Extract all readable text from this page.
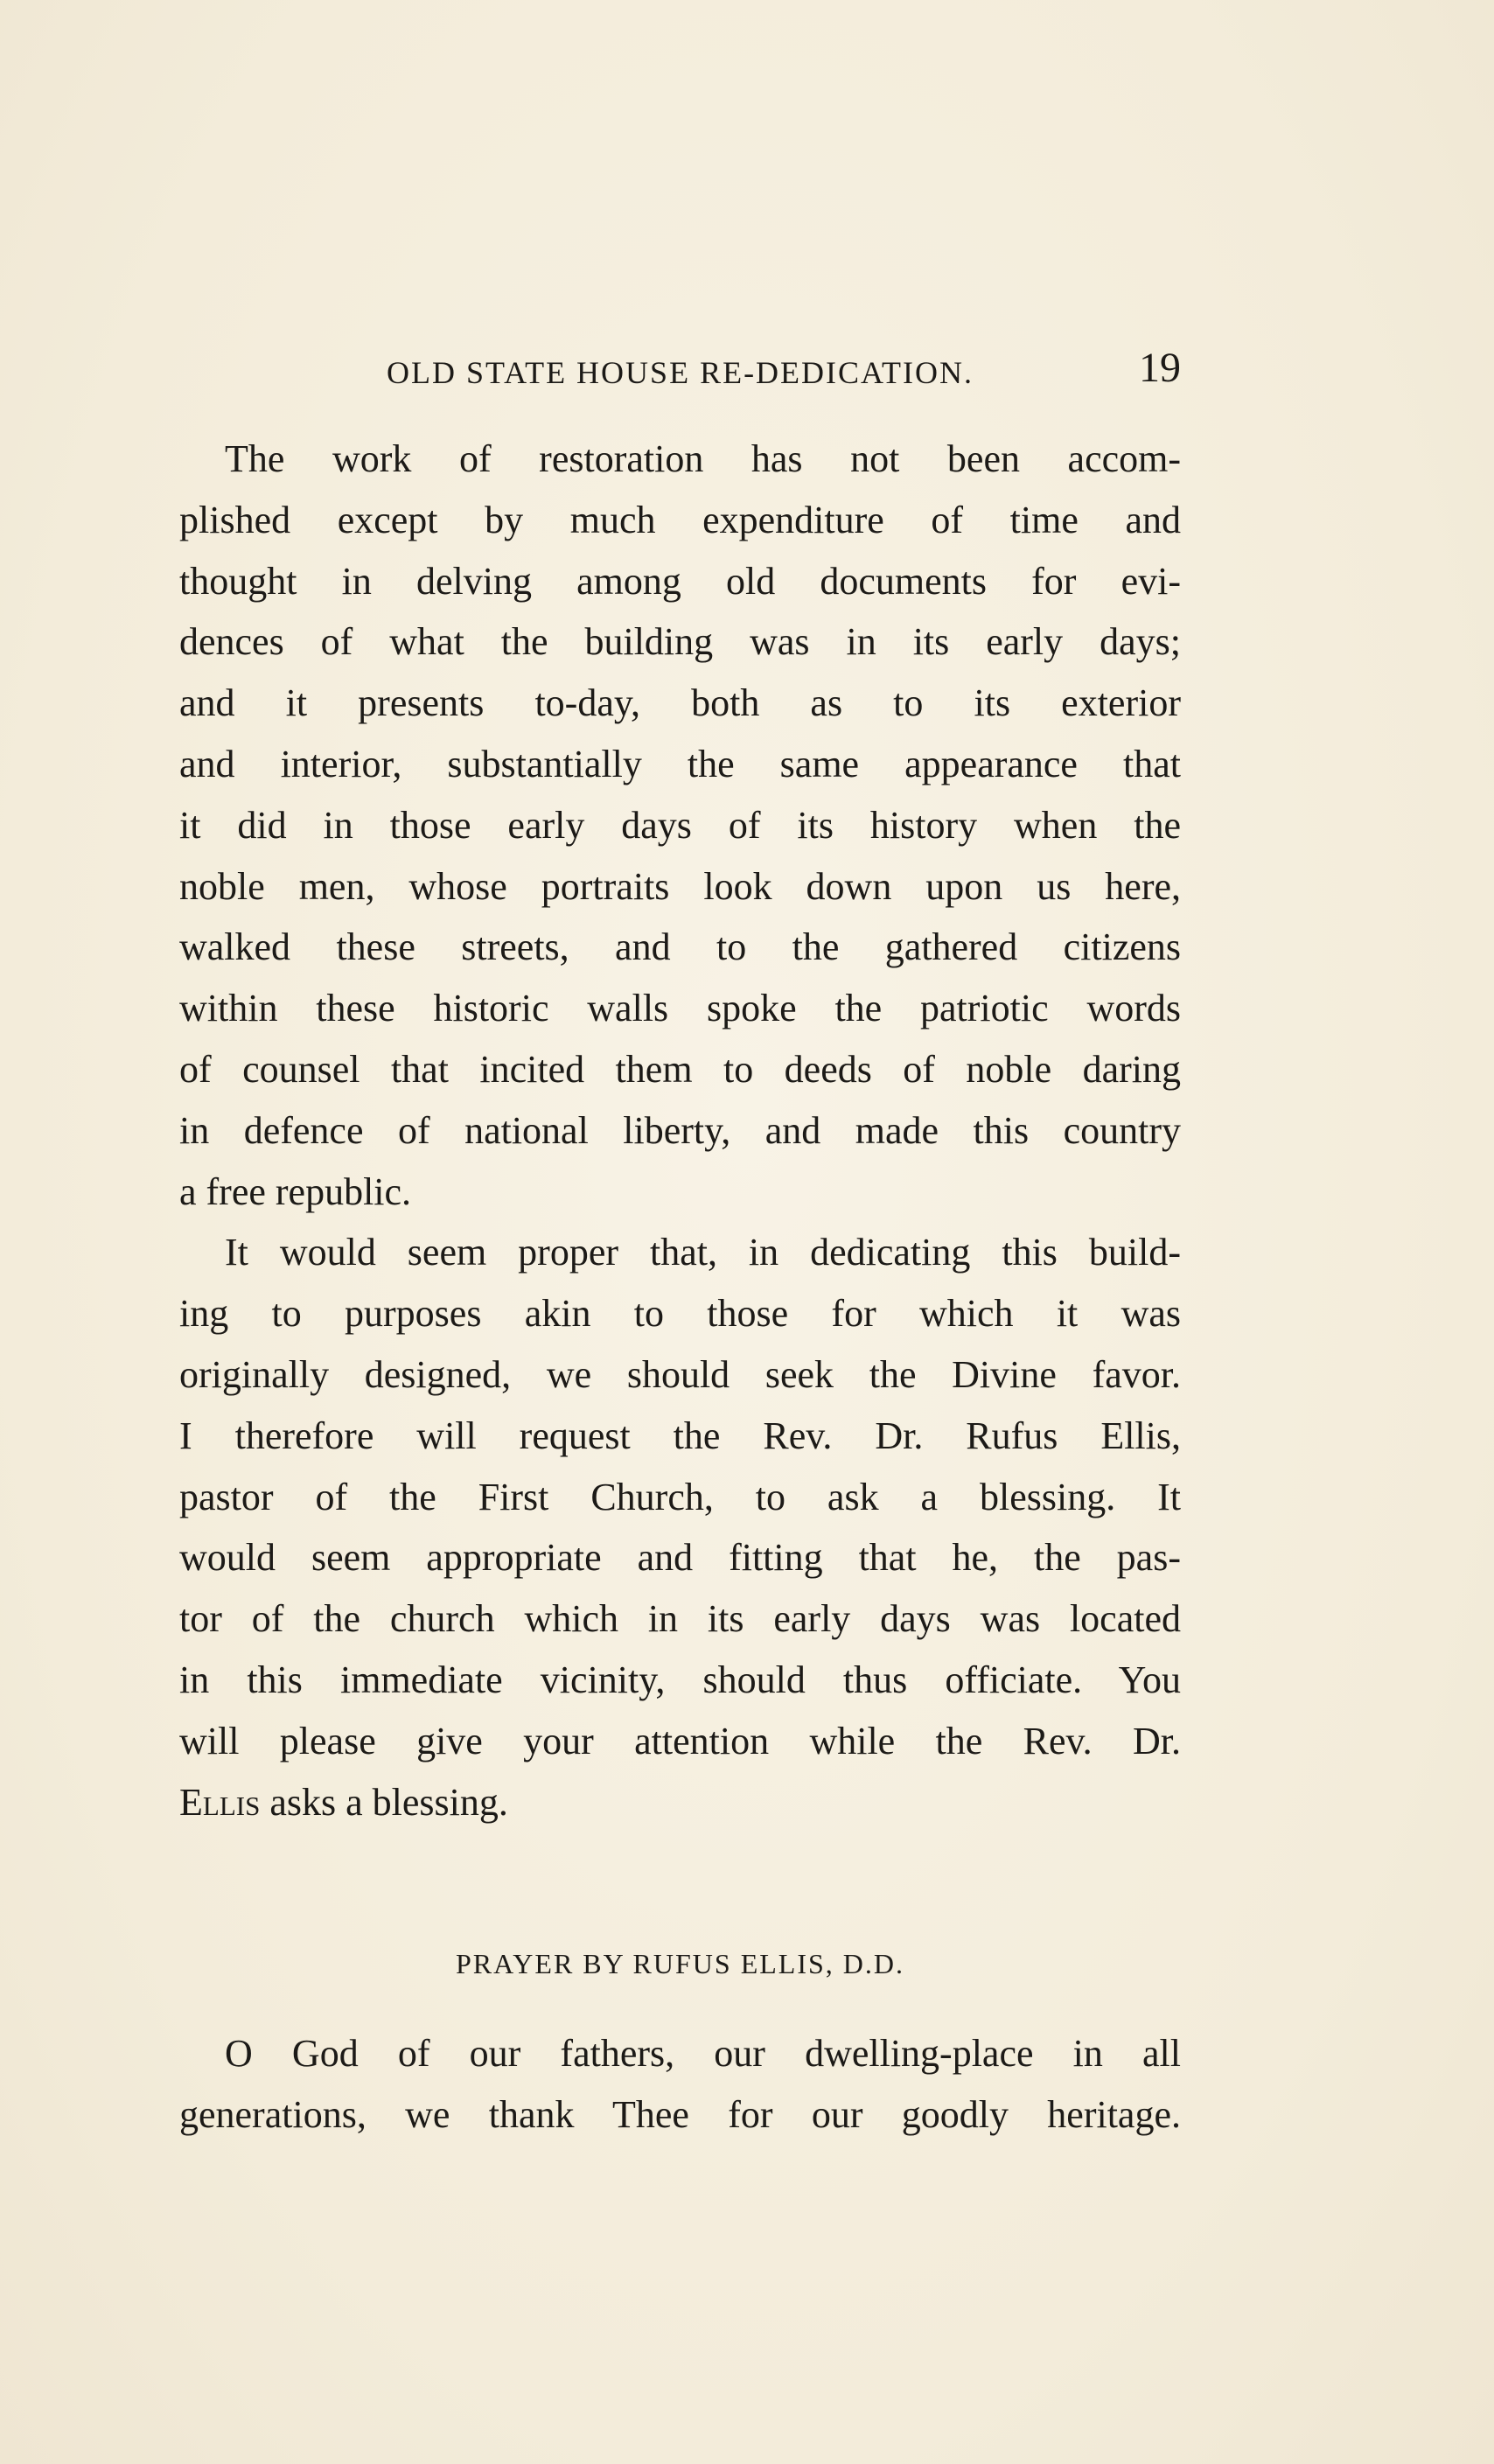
OLD STATE HOUSE RE-DEDICATION.	19
The work of restoration has not been accom-
plished except by much expenditure of time and
thought in delving among old documents for evi-
dences of what the building was in its early days;
and it presents to-day, both as to its exterior
and interior, substantially the same appearance that
it did in those early days of its history when the
noble men, whose portraits look down upon us here,
walked these streets, and to the gathered citizens
within these historic walls spoke the patriotic words
of counsel that incited them to deeds of noble daring
in defence of national liberty, and made this country
a free republic.
It would seem proper that, in dedicating this build-
ing to purposes akin to those for which it was
originally designed, we should seek the Divine favor.
I therefore will request the Rev. Dr. Rufus Ellis,
pastor of the First Church, to ask a blessing. It
would seem appropriate and fitting that he, the pas-
tor of the church which in its early days was located
in this immediate vicinity, should thus officiate. You
will please give your attention while the Rev. Dr.
Ellis asks a blessing.
PRAYER BY RUFUS ELLIS, D.D.
O God of our fathers, our dwelling-place in all
generations, we thank Thee for our goodly heritage.
